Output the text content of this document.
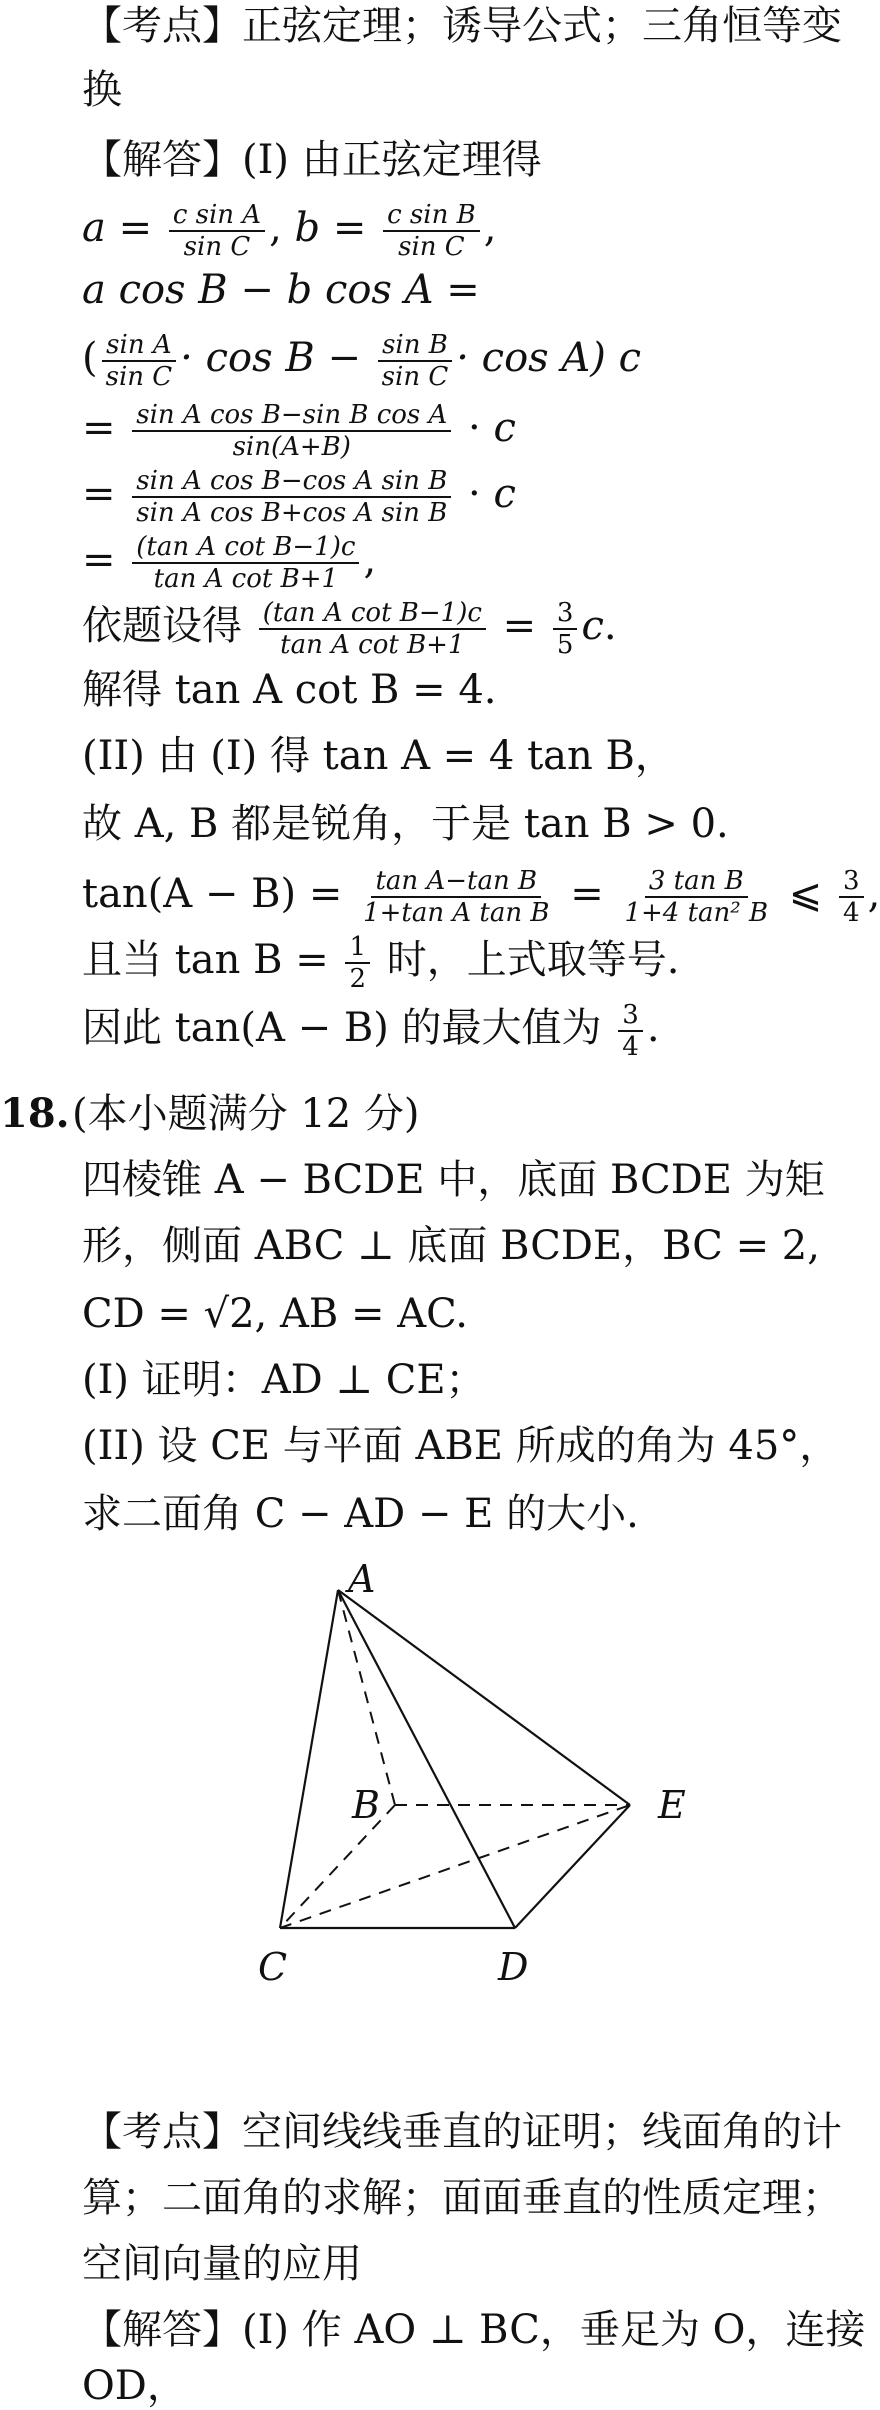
【考点】正弦定理；诱导公式；三角恒等变
换
【解答】(I) 由正弦定理得
$a = \frac{\text{c sin A}}{\text{sin C}}$ , $b = \frac{\text{c sin B}}{\text{sin C}}$ ,
a cos B − b cos A =
( $\frac{\text{sin A}}{\text{sin C}} \cdot \cos B - \frac{\text{sin B}}{\text{sin C}} \cdot \cos A$) c
= $\frac{\text{sin A cos B−sin B cos A}}{\sin(A+B)} \cdot c$
= $\frac{\text{sin A cos B−cos A sin B}}{\text{sin A cos B+cos A sin B}} \cdot c$
= $\frac{\text{(tan A cot B−1)c}}{\text{tan A cot B+1}}$ ,
依题设得 $\frac{\text{(tan A cot B−1)c}}{\text{tan A cot B+1}} = \frac{3}{5} c$.
解得 tan A cot B = 4.
(II) 由 (I) 得 tan A = 4 tan B，
故 A, B 都是锐角，于是 tan B > 0.
$\tan(A - B) = \frac{\text{tan A−tan B}}{\text{1+tan A tan B}} = \frac{\text{3 tan B}}{\text{1+4 tan² B}}$ ⩽ $\frac{3}{4}$ ,
且当 $\tan B = \frac{1}{2}$ 时，上式取等号.
因此 tan(A − B) 的最大值为 $\frac{3}{4}$ .
18. (本小题满分 12 分)
四棱锥 A − BCDE 中，底面 BCDE 为矩
形，侧面 ABC ⊥ 底面 BCDE，BC = 2,
CD = √2, AB = AC.
(I) 证明：AD ⊥ CE；
(II) 设 CE 与平面 ABE 所成的角为 45°，
求二面角 C − AD − E 的大小.
A
B
C	D
E
【考点】空间线线垂直的证明；线面角的计
算；二面角的求解；面面垂直的性质定理；
空间向量的应用
【解答】(I) 作 AO ⊥ BC，垂足为 O，连接
OD，
